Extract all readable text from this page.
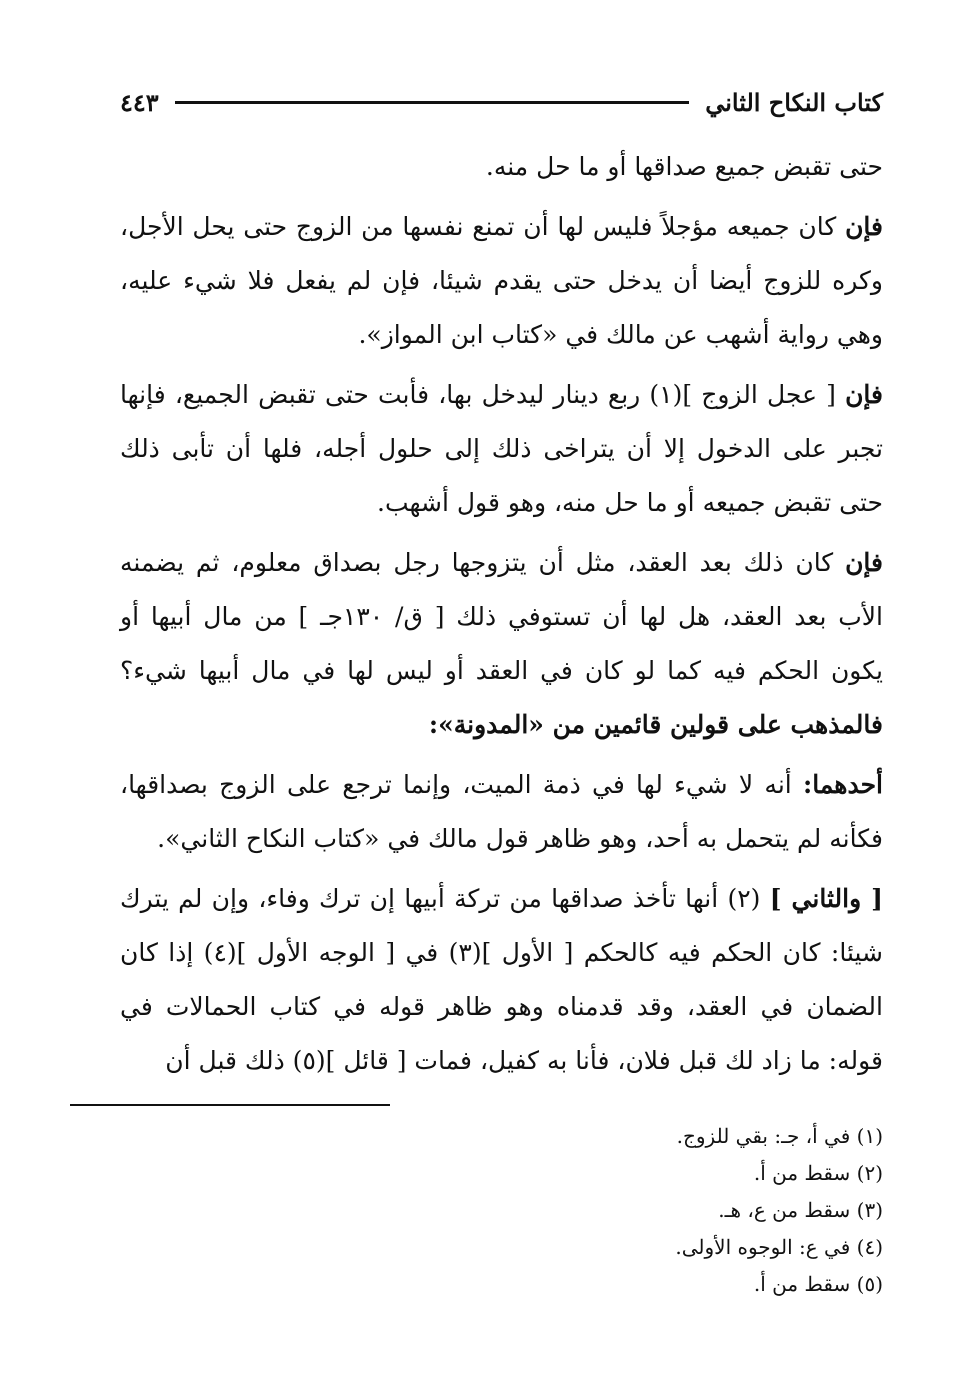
كتاب النكاح الثاني
٤٤٣

حتى تقبض جميع صداقها أو ما حل منه.

فإن كان جميعه مؤجلاً فليس لها أن تمنع نفسها من الزوج حتى يحل الأجل، وكره للزوج أيضا أن يدخل حتى يقدم شيئا، فإن لم يفعل فلا شيء عليه، وهي رواية أشهب عن مالك في «كتاب ابن المواز».

فإن [ عجل الزوج ](١) ربع دينار ليدخل بها، فأبت حتى تقبض الجميع، فإنها تجبر على الدخول إلا أن يتراخى ذلك إلى حلول أجله، فلها أن تأبى ذلك حتى تقبض جميعه أو ما حل منه، وهو قول أشهب.

فإن كان ذلك بعد العقد، مثل أن يتزوجها رجل بصداق معلوم، ثم يضمنه الأب بعد العقد، هل لها أن تستوفي ذلك [ ق/ ١٣٠جـ ] من مال أبيها أو يكون الحكم فيه كما لو كان في العقد أو ليس لها في مال أبيها شيء؟ فالمذهب على قولين قائمين من «المدونة»:

أحدهما: أنه لا شيء لها في ذمة الميت، وإنما ترجع على الزوج بصداقها، فكأنه لم يتحمل به أحد، وهو ظاهر قول مالك في «كتاب النكاح الثاني».

[ والثاني ] (٢) أنها تأخذ صداقها من تركة أبيها إن ترك وفاء، وإن لم يترك شيئا: كان الحكم فيه كالحكم [ الأول ](٣) في [ الوجه الأول ](٤) إذا كان الضمان في العقد، وقد قدمناه وهو ظاهر قوله في كتاب الحمالات في قوله: ما زاد لك قبل فلان، فأنا به كفيل، فمات [ قائل ](٥) ذلك قبل أن

(١) في أ، جـ: بقي للزوج.
(٢) سقط من أ.
(٣) سقط من ع، هـ.
(٤) في ع: الوجوه الأولى.
(٥) سقط من أ.
